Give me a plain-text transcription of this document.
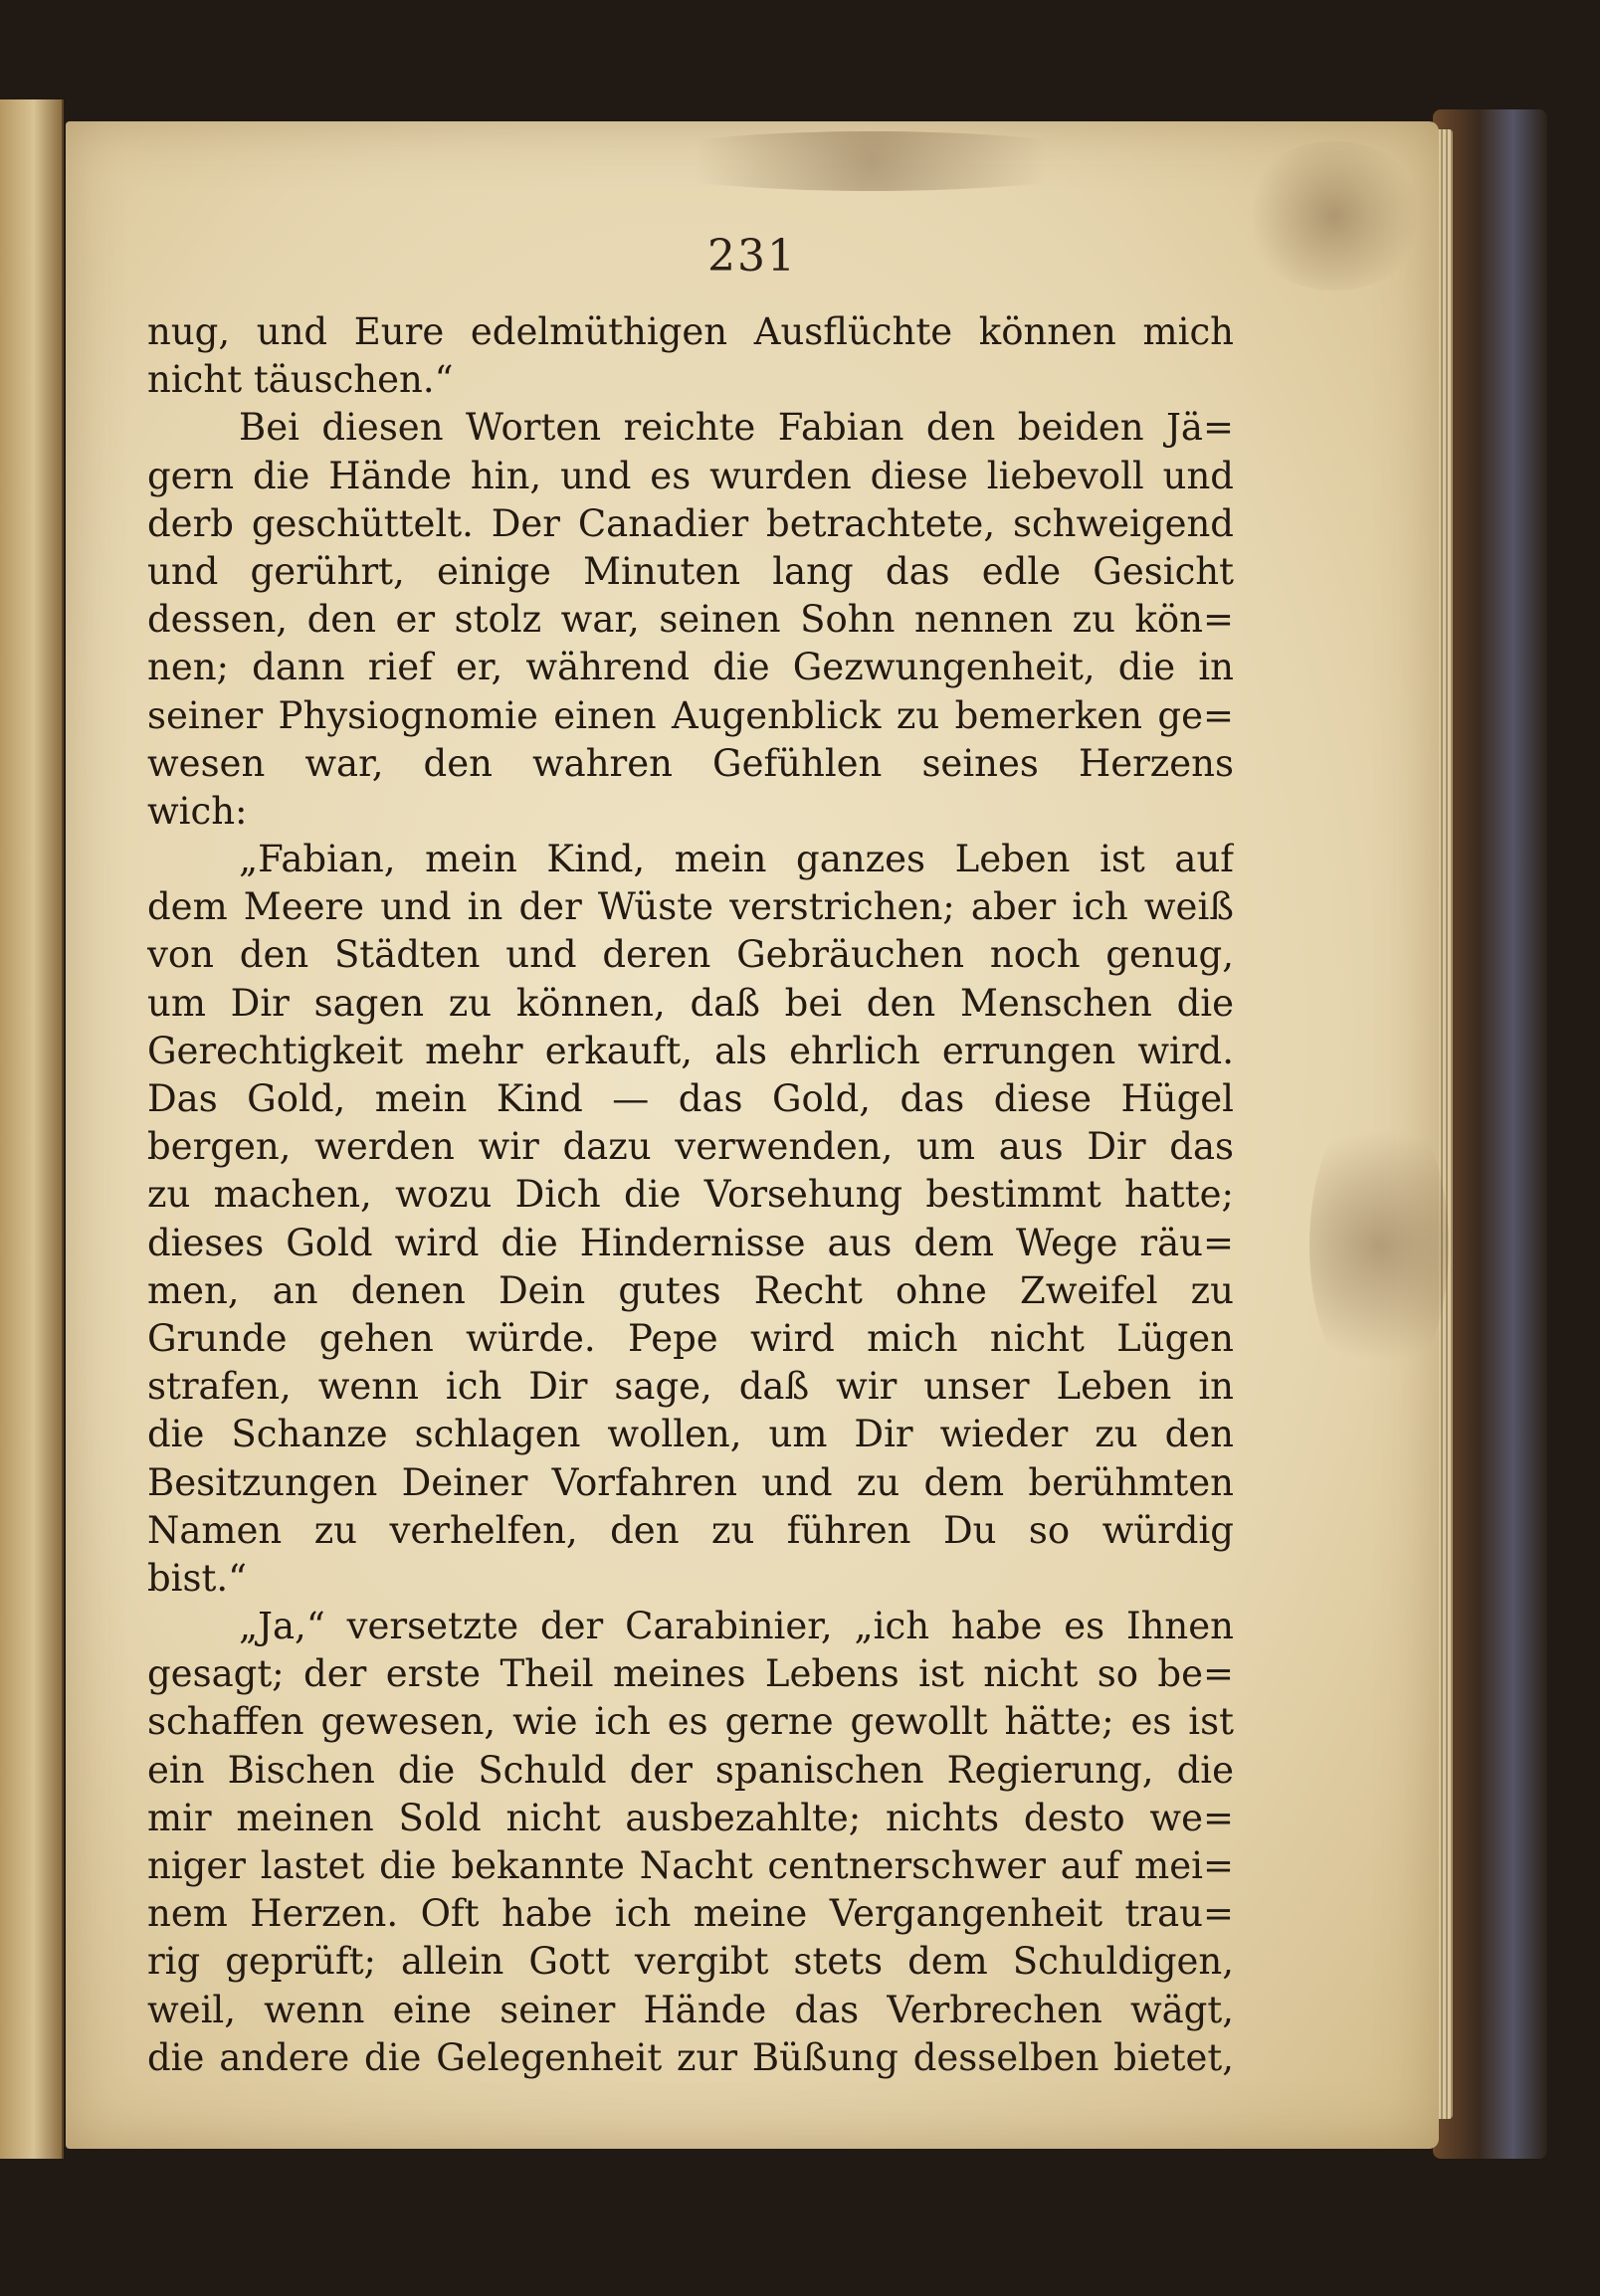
231
nug, und Eure edelmüthigen Ausflüchte können mich
nicht täuschen.“
Bei diesen Worten reichte Fabian den beiden Jä=
gern die Hände hin, und es wurden diese liebevoll und
derb geschüttelt. Der Canadier betrachtete, schweigend
und gerührt, einige Minuten lang das edle Gesicht
dessen, den er stolz war, seinen Sohn nennen zu kön=
nen; dann rief er, während die Gezwungenheit, die in
seiner Physiognomie einen Augenblick zu bemerken ge=
wesen war, den wahren Gefühlen seines Herzens
wich:
„Fabian, mein Kind, mein ganzes Leben ist auf
dem Meere und in der Wüste verstrichen; aber ich weiß
von den Städten und deren Gebräuchen noch genug,
um Dir sagen zu können, daß bei den Menschen die
Gerechtigkeit mehr erkauft, als ehrlich errungen wird.
Das Gold, mein Kind — das Gold, das diese Hügel
bergen, werden wir dazu verwenden, um aus Dir das
zu machen, wozu Dich die Vorsehung bestimmt hatte;
dieses Gold wird die Hindernisse aus dem Wege räu=
men, an denen Dein gutes Recht ohne Zweifel zu
Grunde gehen würde. Pepe wird mich nicht Lügen
strafen, wenn ich Dir sage, daß wir unser Leben in
die Schanze schlagen wollen, um Dir wieder zu den
Besitzungen Deiner Vorfahren und zu dem berühmten
Namen zu verhelfen, den zu führen Du so würdig
bist.“
„Ja,“ versetzte der Carabinier, „ich habe es Ihnen
gesagt; der erste Theil meines Lebens ist nicht so be=
schaffen gewesen, wie ich es gerne gewollt hätte; es ist
ein Bischen die Schuld der spanischen Regierung, die
mir meinen Sold nicht ausbezahlte; nichts desto we=
niger lastet die bekannte Nacht centnerschwer auf mei=
nem Herzen. Oft habe ich meine Vergangenheit trau=
rig geprüft; allein Gott vergibt stets dem Schuldigen,
weil, wenn eine seiner Hände das Verbrechen wägt,
die andere die Gelegenheit zur Büßung desselben bietet,
